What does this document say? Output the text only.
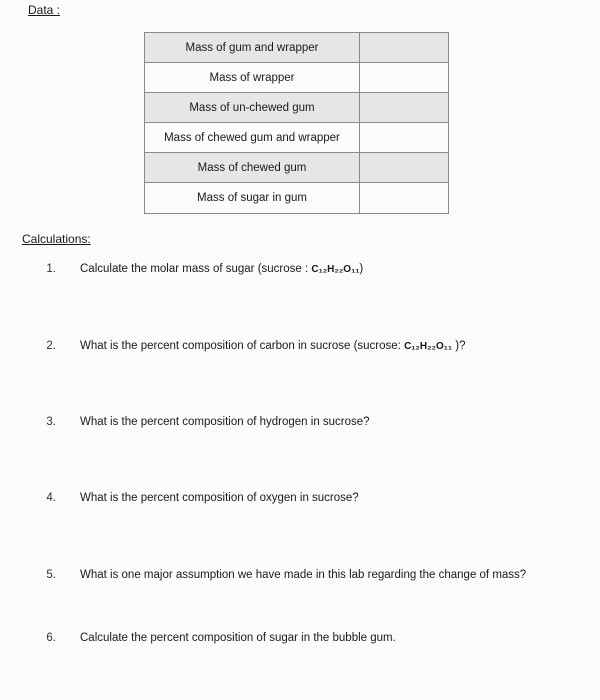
Data :
Mass of gum and wrapper	
Mass of wrapper	
Mass of un-chewed gum	
Mass of chewed gum and wrapper	
Mass of chewed gum	
Mass of sugar in gum	
Calculations:
1. Calculate the molar mass of sugar (sucrose : C₁₂H₂₂O₁₁)
2. What is the percent composition of carbon in sucrose (sucrose: C₁₂H₂₂O₁₁ )?
3. What is the percent composition of hydrogen in sucrose?
4. What is the percent composition of oxygen in sucrose?
5. What is one major assumption we have made in this lab regarding the change of mass?
6. Calculate the percent composition of sugar in the bubble gum.
